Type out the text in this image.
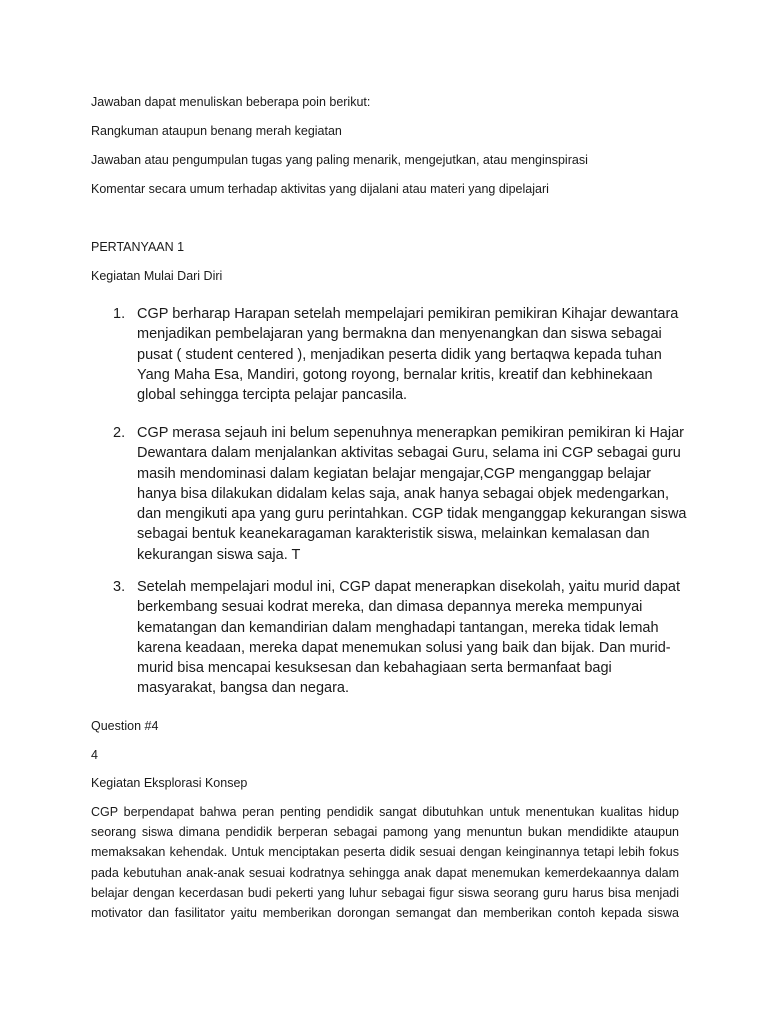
Jawaban dapat menuliskan beberapa poin berikut:

Rangkuman ataupun benang merah kegiatan

Jawaban atau pengumpulan tugas yang paling menarik, mengejutkan, atau menginspirasi

Komentar secara umum terhadap aktivitas yang dijalani atau materi yang dipelajari

PERTANYAAN 1

Kegiatan Mulai Dari Diri

1. CGP berharap Harapan setelah mempelajari pemikiran pemikiran Kihajar dewantara
menjadikan pembelajaran yang bermakna dan menyenangkan dan siswa sebagai
pusat ( student centered ), menjadikan peserta didik yang bertaqwa kepada tuhan
Yang Maha Esa, Mandiri, gotong royong, bernalar kritis, kreatif dan kebhinekaan
global sehingga tercipta pelajar pancasila.
2. CGP merasa sejauh ini belum sepenuhnya menerapkan pemikiran pemikiran ki Hajar
Dewantara dalam menjalankan aktivitas sebagai Guru, selama ini CGP sebagai guru
masih mendominasi dalam kegiatan belajar mengajar,CGP menganggap belajar
hanya bisa dilakukan didalam kelas saja, anak hanya sebagai objek medengarkan,
dan mengikuti apa yang guru perintahkan. CGP tidak menganggap kekurangan siswa
sebagai bentuk keanekaragaman karakteristik siswa, melainkan kemalasan dan
kekurangan siswa saja. T
3. Setelah mempelajari modul ini, CGP dapat menerapkan disekolah, yaitu murid dapat
berkembang sesuai kodrat mereka, dan dimasa depannya mereka mempunyai
kematangan dan kemandirian dalam menghadapi tantangan, mereka tidak lemah
karena keadaan, mereka dapat menemukan solusi yang baik dan bijak. Dan murid-
murid bisa mencapai kesuksesan dan kebahagiaan serta bermanfaat bagi
masyarakat, bangsa dan negara.

Question #4

4

Kegiatan Eksplorasi Konsep

CGP berpendapat bahwa peran penting pendidik sangat dibutuhkan untuk menentukan kualitas hidup
seorang siswa dimana pendidik berperan sebagai pamong yang menuntun bukan mendidikte ataupun
memaksakan kehendak. Untuk menciptakan peserta didik sesuai dengan keinginannya tetapi lebih fokus
pada kebutuhan anak-anak sesuai kodratnya sehingga anak dapat menemukan kemerdekaannya dalam
belajar dengan kecerdasan budi pekerti yang luhur sebagai figur siswa seorang guru harus bisa menjadi
motivator dan fasilitator yaitu memberikan dorongan semangat dan memberikan contoh kepada siswa
